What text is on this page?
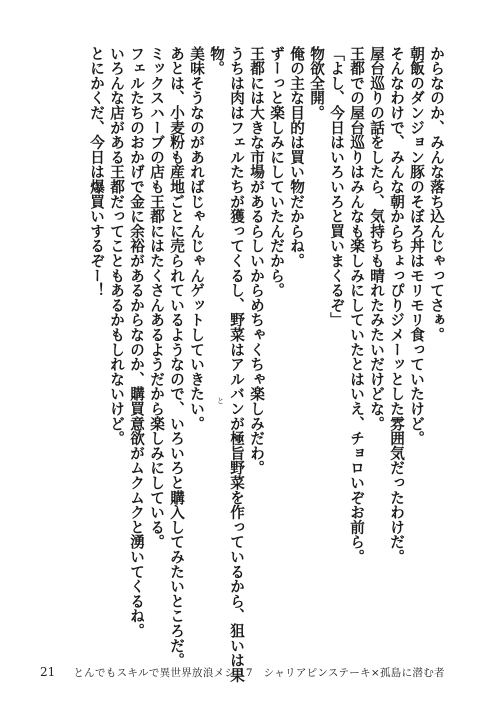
からなのか、みんな落ち込んじゃってさぁ。
朝飯のダンジョン豚のそぼろ丼はモリモリ食っていたけど。
そんなわけで、みんな朝からちょっぴりジメーッとした雰囲気だったわけだ。
屋台巡りの話をしたら、気持ちも晴れたみたいだけどな。
王都での屋台巡りはみんなも楽しみにしていたとはいえ、チョロいぞお前ら。
「よし、今日はいろいろと買いまくるぞ」
物欲全開。
俺の主な目的は買い物だからね。
ずーっと楽しみにしていたんだから。
王都には大きな市場があるらしいからめちゃくちゃ楽しみだわ。
うちは肉はフェルたちが獲ってくるし、野菜はアルバンが極旨野菜を作っているから、狙いは果
物。
美味そうなのがあればじゃんじゃんゲットしていきたい。
あとは、小麦粉も産地ごとに売られているようなので、いろいろと購入してみたいところだ。
ミックスハーブの店も王都にはたくさんあるようだから楽しみにしている。
フェルたちのおかげで金に余裕があるからなのか、購買意欲がムクムクと湧いてくるね。
いろんな店がある王都だってこともあるかもしれないけど。
とにかくだ、今日は爆買いするぞー！
と
21 とんでもスキルで異世界放浪メシ 17　シャリアピンステーキ×孤島に潜む者
